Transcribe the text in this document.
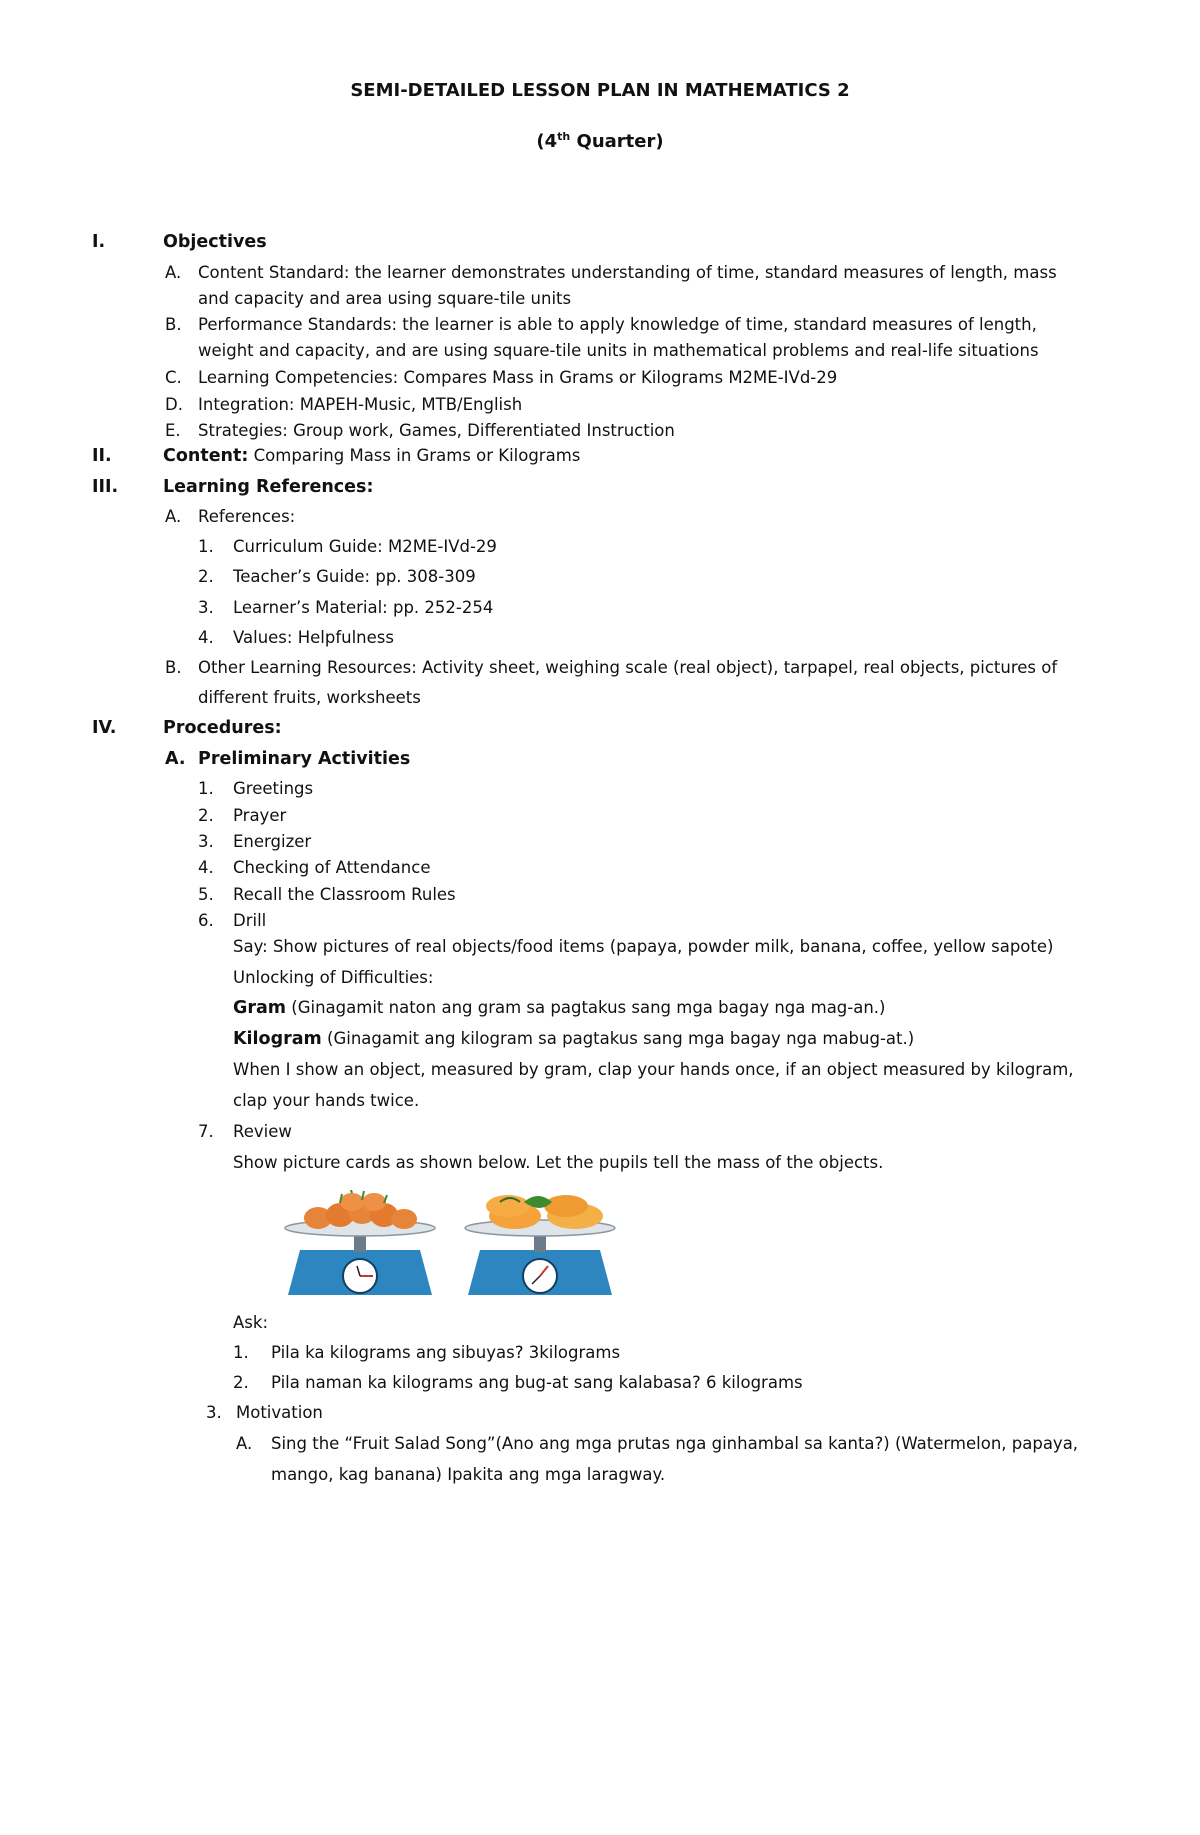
SEMI-DETAILED LESSON PLAN IN MATHEMATICS 2
(4th Quarter)
I.	Objectives
A. Content Standard: the learner demonstrates understanding of time, standard measures of length, mass
and capacity and area using square-tile units
B. Performance Standards: the learner is able to apply knowledge of time, standard measures of length,
weight and capacity, and are using square-tile units in mathematical problems and real-life situations
C. Learning Competencies: Compares Mass in Grams or Kilograms M2ME-IVd-29
D. Integration: MAPEH-Music, MTB/English
E. Strategies: Group work, Games, Differentiated Instruction
II.	Content: Comparing Mass in Grams or Kilograms
III.	Learning References:
A. References:
1. Curriculum Guide: M2ME-IVd-29
2. Teacher’s Guide: pp. 308-309
3. Learner’s Material: pp. 252-254
4. Values: Helpfulness
B. Other Learning Resources: Activity sheet, weighing scale (real object), tarpapel, real objects, pictures of
different fruits, worksheets
IV.	Procedures:
A. Preliminary Activities
1. Greetings
2. Prayer
3. Energizer
4. Checking of Attendance
5. Recall the Classroom Rules
6. Drill
Say: Show pictures of real objects/food items (papaya, powder milk, banana, coffee, yellow sapote)
Unlocking of Difficulties:
Gram (Ginagamit naton ang gram sa pagtakus sang mga bagay nga mag-an.)
Kilogram (Ginagamit ang kilogram sa pagtakus sang mga bagay nga mabug-at.)
When I show an object, measured by gram, clap your hands once, if an object measured by kilogram,
clap your hands twice.
7. Review
Show picture cards as shown below. Let the pupils tell the mass of the objects.
Ask:
1. Pila ka kilograms ang sibuyas? 3kilograms
2. Pila naman ka kilograms ang bug-at sang kalabasa? 6 kilograms
3. Motivation
A. Sing the “Fruit Salad Song”(Ano ang mga prutas nga ginhambal sa kanta?) (Watermelon, papaya,
mango, kag banana) Ipakita ang mga laragway.
